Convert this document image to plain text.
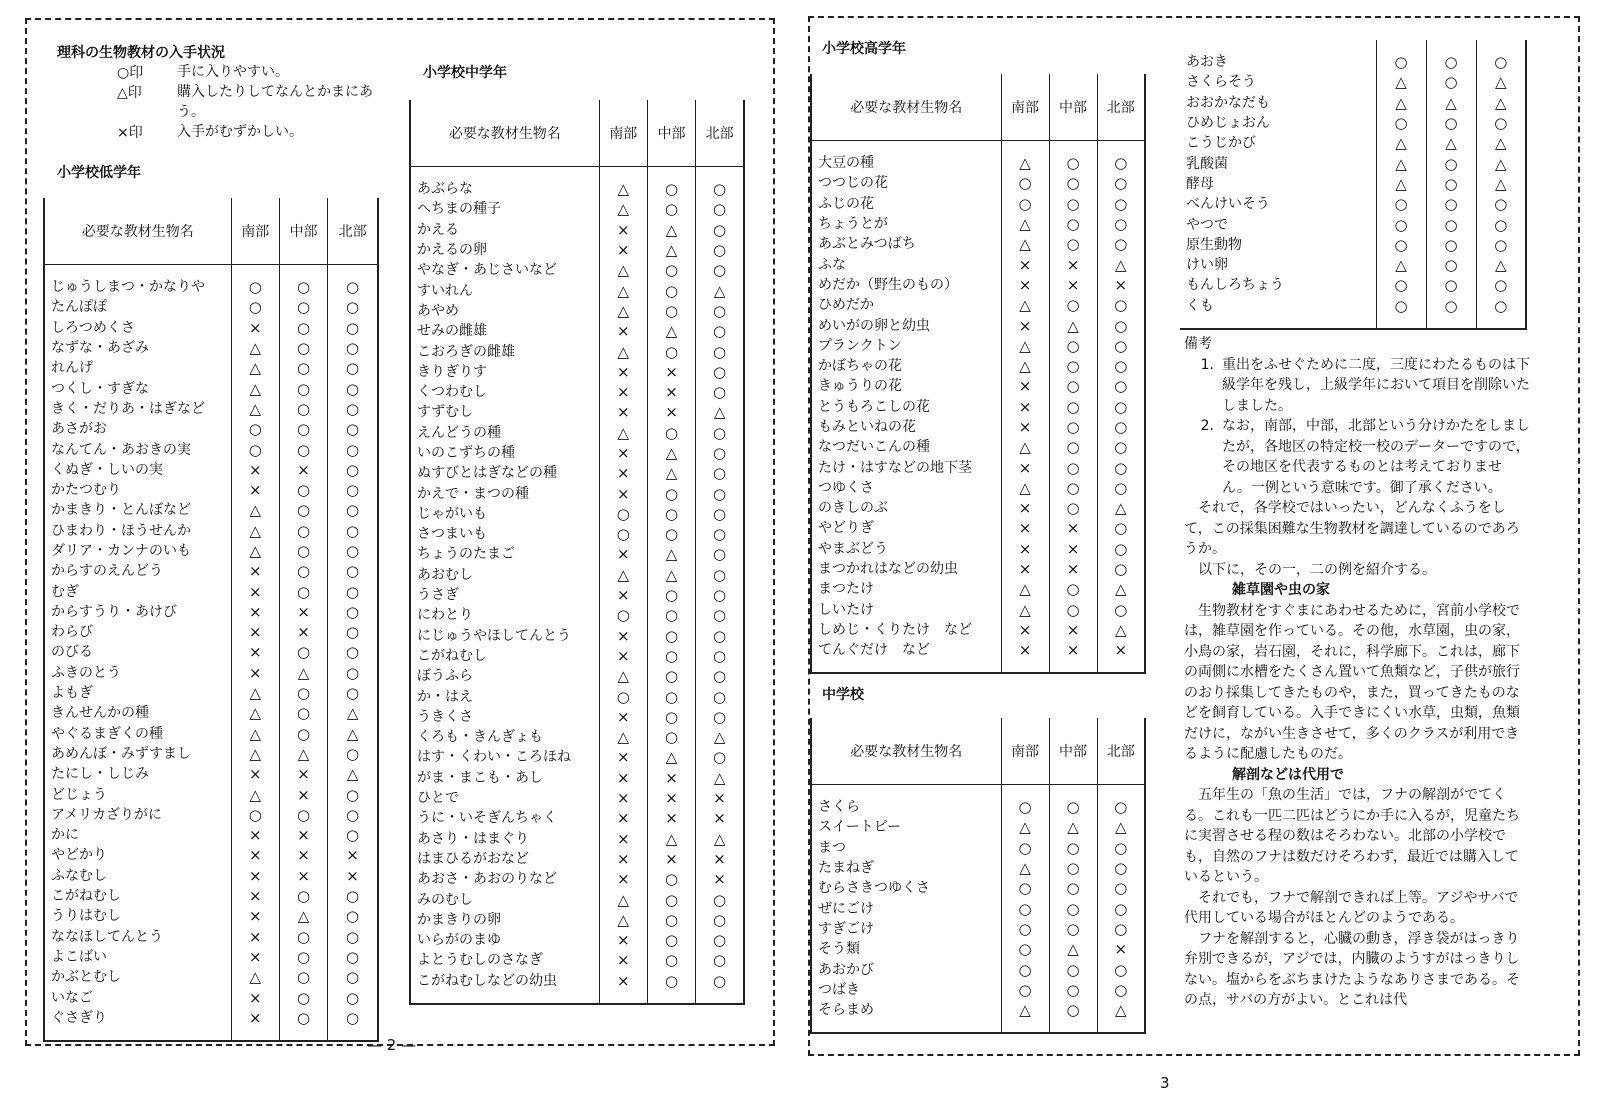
理科の生物教材の入手状況
○印	手に入りやすい。
△印	購入したりしてなんとかまにあう。
×印	入手がむずかしい。
小学校低学年
必要な教材生物名	南部	中部	北部

じゅうしまつ・かなりや	○	○	○
たんぽぽ	○	○	○
しろつめくさ	×	○	○
なずな・あざみ	△	○	○
れんげ	△	○	○
つくし・すぎな	△	○	○
きく・だりあ・はぎなど	△	○	○
あさがお	○	○	○
なんてん・あおきの実	○	○	○
くぬぎ・しいの実	×	×	○
かたつむり	×	○	○
かまきり・とんぼなど	△	○	○
ひまわり・ほうせんか	△	○	○
ダリア・カンナのいも	△	○	○
からすのえんどう	×	○	○
むぎ	×	○	○
からすうり・あけび	×	×	○
わらび	×	×	○
のびる	×	○	○
ふきのとう	×	△	○
よもぎ	△	○	○
きんせんかの種	△	○	△
やぐるまぎくの種	△	○	△
あめんぼ・みずすまし	△	△	○
たにし・しじみ	×	×	△
どじょう	△	×	○
アメリカざりがに	○	○	○
かに	×	×	○
やどかり	×	×	×
ふなむし	×	×	×
こがねむし	×	○	○
うりはむし	×	△	○
ななほしてんとう	×	○	○
よこばい	×	○	○
かぶとむし	△	○	○
いなご	×	○	○
ぐさぎり	×	○	○

小学校中学年
必要な教材生物名	南部	中部	北部

あぶらな	△	○	○
へちまの種子	△	○	○
かえる	×	△	○
かえるの卵	×	△	○
やなぎ・あじさいなど	△	○	○
すいれん	△	○	△
あやめ	△	○	○
せみの雌雄	×	△	○
こおろぎの雌雄	△	○	○
きりぎりす	×	×	○
くつわむし	×	×	○
すずむし	×	×	△
えんどうの種	△	○	○
いのこずちの種	×	△	○
ぬすびとはぎなどの種	×	△	○
かえで・まつの種	×	○	○
じゃがいも	○	○	○
さつまいも	○	○	○
ちょうのたまご	×	△	○
あおむし	△	△	○
うさぎ	×	○	○
にわとり	○	○	○
にじゅうやほしてんとう	×	○	○
こがねむし	×	○	○
ぼうふら	△	○	○
か・はえ	○	○	○
うきくさ	×	○	○
くろも・きんぎょも	△	○	△
はす・くわい・ころほね	×	△	○
がま・まこも・あし	×	×	△
ひとで	×	×	×
うに・いそぎんちゃく	×	×	×
あさり・はまぐり	×	△	△
はまひるがおなど	×	×	×
あおさ・あおのりなど	×	○	×
みのむし	△	○	○
かまきりの卵	△	○	○
いらがのまゆ	×	○	○
よとうむしのさなぎ	×	○	○
こがねむしなどの幼虫	×	○	○

— 2 —
小学校高学年
必要な教材生物名	南部	中部	北部

大豆の種	△	○	○
つつじの花	○	○	○
ふじの花	○	○	○
ちょうとが	△	○	○
あぶとみつばち	△	○	○
ふな	×	×	△
めだか（野生のもの）	×	×	×
ひめだか	△	○	○
めいがの卵と幼虫	×	△	○
プランクトン	△	○	○
かぼちゃの花	△	○	○
きゅうりの花	×	○	○
とうもろこしの花	×	○	○
もみといねの花	×	○	○
なつだいこんの種	△	○	○
たけ・はすなどの地下茎	×	○	○
つゆくさ	△	○	○
のきしのぶ	×	○	△
やどりぎ	×	×	○
やまぶどう	×	×	○
まつかれはなどの幼虫	×	×	○
まつたけ	△	○	△
しいたけ	△	○	○
しめじ・くりたけ　など	×	×	△
てんぐだけ　など	×	×	×

中学校
必要な教材生物名	南部	中部	北部

さくら	○	○	○
スイートピー	△	△	△
まつ	○	○	○
たまねぎ	△	○	○
むらさきつゆくさ	○	○	○
ぜにごけ	○	○	○
すぎごけ	○	○	○
そう類	○	△	×
あおかび	○	○	○
つばき	○	○	○
そらまめ	△	○	△

あおき	○	○	○
さくらそう	△	○	△
おおかなだも	△	△	△
ひめじょおん	○	○	○
こうじかび	△	△	△
乳酸菌	△	○	△
酵母	△	○	△
べんけいそう	○	○	○
やつで	○	○	○
原生動物	○	○	○
けい卵	△	○	△
もんしろちょう	○	○	○
くも	○	○	○

備考

1. 重出をふせぐために二度，三度にわたるものは下級学年を残し，上級学年において項目を削除いたしました。
2. なお，南部，中部，北部という分けかたをしましたが，各地区の特定校一校のデーターですので，その地区を代表するものとは考えておりません。一例という意味です。御了承ください。

それで，各学校ではいったい，どんなくふうをして，この採集困難な生物教材を調達しているのであろうか。

以下に，その一，二の例を紹介する。

雑草園や虫の家

生物教材をすぐまにあわせるために，宮前小学校では，雑草園を作っている。その他，水草園，虫の家，小鳥の家，岩石園，それに，科学廊下。これは，廊下の両側に水槽をたくさん置いて魚類など，子供が旅行のおり採集してきたものや，また，買ってきたものなどを飼育している。入手できにくい水草，虫類，魚類だけに，ながい生きさせて，多くのクラスが利用できるように配慮したものだ。

解剖などは代用で

五年生の「魚の生活」では，フナの解剖がでてくる。これも一匹二匹はどうにか手に入るが，児童たちに実習させる程の数はそろわない。北部の小学校でも，自然のフナは数だけそろわず，最近では購入しているという。

それでも，フナで解剖できれば上等。アジやサバで代用している場合がほとんどのようである。

フナを解剖すると，心臓の動き，浮き袋がはっきり弁別できるが，アジでは，内臓のようすがはっきりしない。塩からをぶちまけたようなありさまである。その点，サバの方がよい。とこれは代

3
